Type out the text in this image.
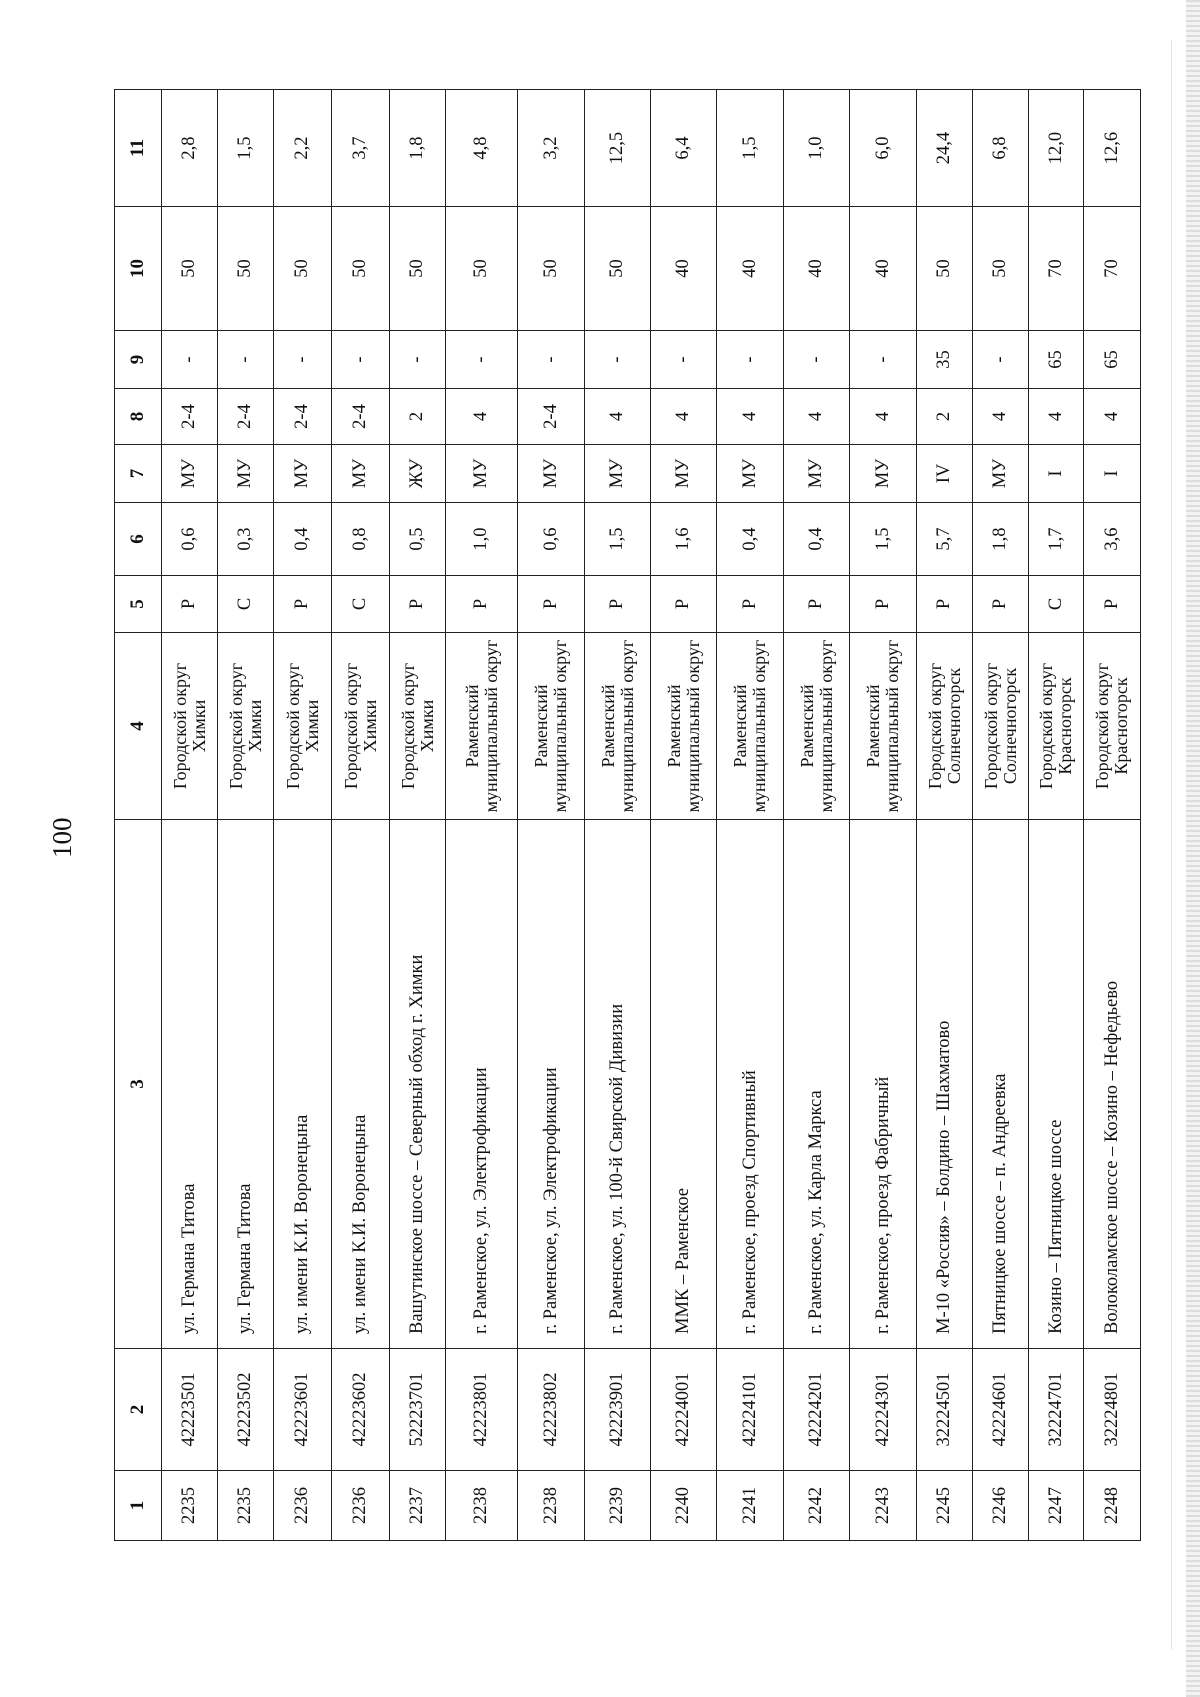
100
1	2	3	4	5	6	7	8	9	10	11
2235	42223501	ул. Германа Титова	Городской округ Химки	Р	0,6	МУ	2-4	-	50	2,8
2235	42223502	ул. Германа Титова	Городской округ Химки	С	0,3	МУ	2-4	-	50	1,5
2236	42223601	ул. имени К.И. Воронецына	Городской округ Химки	Р	0,4	МУ	2-4	-	50	2,2
2236	42223602	ул. имени К.И. Воронецына	Городской округ Химки	С	0,8	МУ	2-4	-	50	3,7
2237	52223701	Вашутинское шоссе – Северный обход г. Химки	Городской округ Химки	Р	0,5	ЖУ	2	-	50	1,8
2238	42223801	г. Раменское, ул. Электрофикации	Раменский муниципальный округ	Р	1,0	МУ	4	-	50	4,8
2238	42223802	г. Раменское, ул. Электрофикации	Раменский муниципальный округ	Р	0,6	МУ	2-4	-	50	3,2
2239	42223901	г. Раменское, ул. 100-й Свирской Дивизии	Раменский муниципальный округ	Р	1,5	МУ	4	-	50	12,5
2240	42224001	ММК – Раменское	Раменский муниципальный округ	Р	1,6	МУ	4	-	40	6,4
2241	42224101	г. Раменское, проезд Спортивный	Раменский муниципальный округ	Р	0,4	МУ	4	-	40	1,5
2242	42224201	г. Раменское, ул. Карла Маркса	Раменский муниципальный округ	Р	0,4	МУ	4	-	40	1,0
2243	42224301	г. Раменское, проезд Фабричный	Раменский муниципальный округ	Р	1,5	МУ	4	-	40	6,0
2245	32224501	М-10 «Россия» – Болдино – Шахматово	Городской округ Солнечногорск	Р	5,7	IV	2	35	50	24,4
2246	42224601	Пятницкое шоссе – п. Андреевка	Городской округ Солнечногорск	Р	1,8	МУ	4	-	50	6,8
2247	32224701	Козино – Пятницкое шоссе	Городской округ Красногорск	С	1,7	I	4	65	70	12,0
2248	32224801	Волоколамское шоссе – Козино – Нефедьево	Городской округ Красногорск	Р	3,6	I	4	65	70	12,6
